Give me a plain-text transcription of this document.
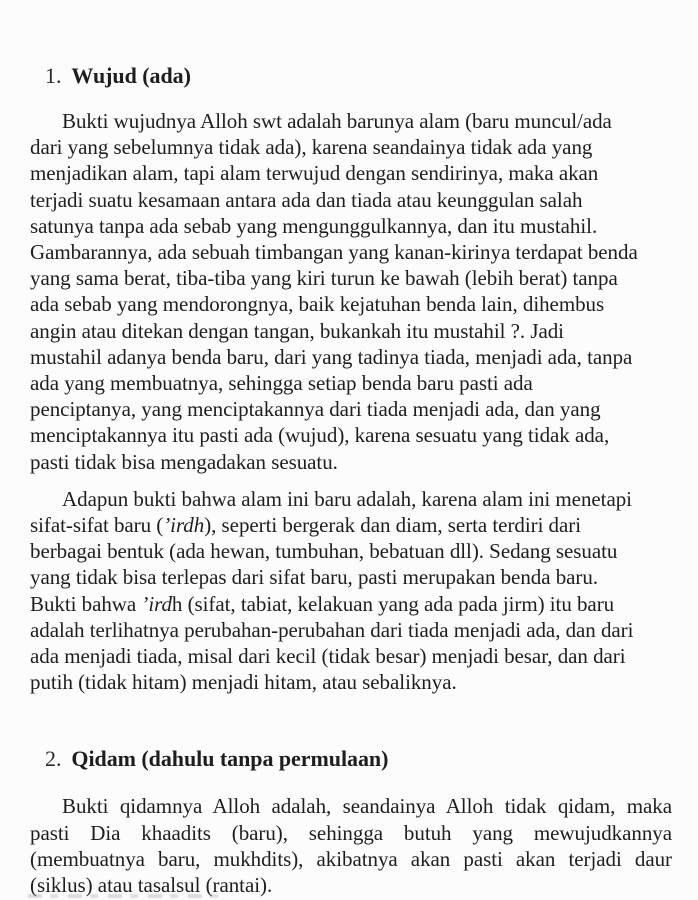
1. Wujud (ada)
Bukti wujudnya Alloh swt adalah barunya alam (baru muncul/ada
dari yang sebelumnya tidak ada), karena seandainya tidak ada yang
menjadikan alam, tapi alam terwujud dengan sendirinya, maka akan
terjadi suatu kesamaan antara ada dan tiada atau keunggulan salah
satunya tanpa ada sebab yang mengunggulkannya, dan itu mustahil.
Gambarannya, ada sebuah timbangan yang kanan-kirinya terdapat benda
yang sama berat, tiba-tiba yang kiri turun ke bawah (lebih berat) tanpa
ada sebab yang mendorongnya, baik kejatuhan benda lain, dihembus
angin atau ditekan dengan tangan, bukankah itu mustahil ?. Jadi
mustahil adanya benda baru, dari yang tadinya tiada, menjadi ada, tanpa
ada yang membuatnya, sehingga setiap benda baru pasti ada
penciptanya, yang menciptakannya dari tiada menjadi ada, dan yang
menciptakannya itu pasti ada (wujud), karena sesuatu yang tidak ada,
pasti tidak bisa mengadakan sesuatu.
Adapun bukti bahwa alam ini baru adalah, karena alam ini menetapi
sifat-sifat baru (’irdh), seperti bergerak dan diam, serta terdiri dari
berbagai bentuk (ada hewan, tumbuhan, bebatuan dll). Sedang sesuatu
yang tidak bisa terlepas dari sifat baru, pasti merupakan benda baru.
Bukti bahwa ’irdh (sifat, tabiat, kelakuan yang ada pada jirm) itu baru
adalah terlihatnya perubahan-perubahan dari tiada menjadi ada, dan dari
ada menjadi tiada, misal dari kecil (tidak besar) menjadi besar, dan dari
putih (tidak hitam) menjadi hitam, atau sebaliknya.
2. Qidam (dahulu tanpa permulaan)
Bukti qidamnya Alloh adalah, seandainya Alloh tidak qidam, maka
pasti Dia khaadits (baru), sehingga butuh yang mewujudkannya
(membuatnya baru, mukhdits), akibatnya akan pasti akan terjadi daur
(siklus) atau tasalsul (rantai).
